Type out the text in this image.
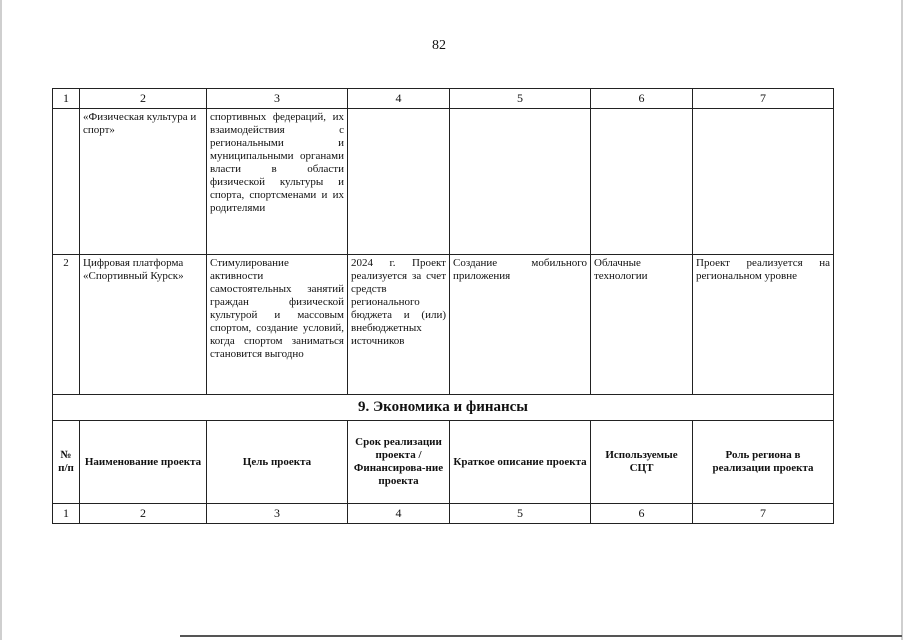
82
1	2	3	4	5	6	7
	«Физическая культура и спорт»	спортивных федераций, их взаимодействия с региональными и муниципальными органами власти в области физической культуры и спорта, спортсменами и их родителями				
2	Цифровая платформа «Спортивный Курск»	Стимулирование активности самостоятельных занятий граждан физической культурой и массовым спортом, создание условий, когда спортом заниматься становится выгодно	2024 г. Проект реализуется за счет средств регионального бюджета и (или) внебюджетных источников	Создание мобильного приложения	Облачные технологии	Проект реализуется на региональном уровне
9. Экономика и финансы						
№ п/п	Наименование проекта	Цель проекта	Срок реализации проекта / Финансирова-ние проекта	Краткое описание проекта	Используемые СЦТ	Роль региона в реализации проекта
1	2	3	4	5	6	7
